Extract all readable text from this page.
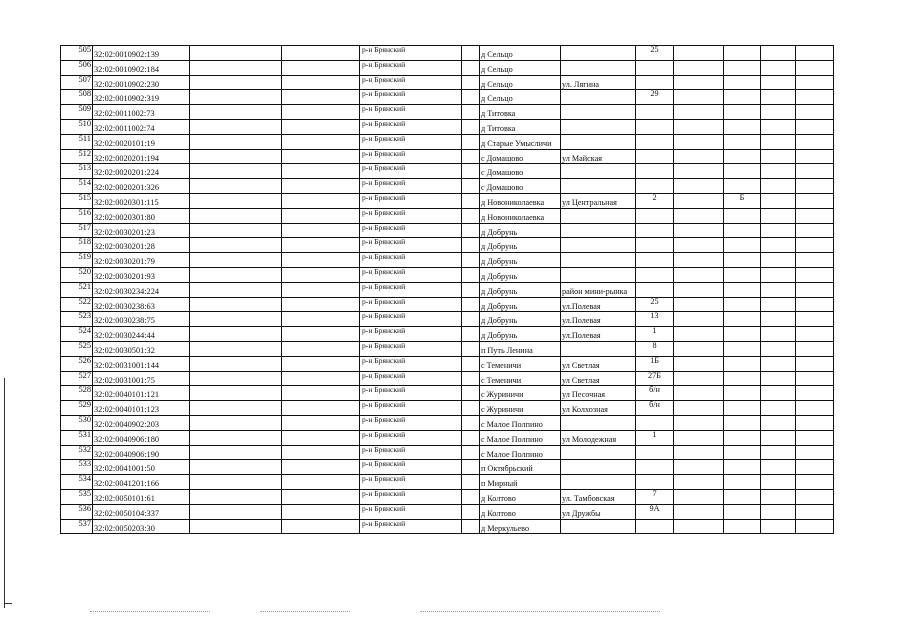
505	32:02:0010902:139			р-н Брянский		д Сельцо		25				

506	32:02:0010902:184			р-н Брянский		д Сельцо						

507	32:02:0010902:230			р-н Брянский		д Сельцо	ул. Лягина					

508	32:02:0010902:319			р-н Брянский		д Сельцо		29				

509	32:02:0011002:73			р-н Брянский		д Титовка						

510	32:02:0011002:74			р-н Брянский		д Титовка						

511	32:02:0020101:19			р-н Брянский		д Старые Умысличи						

512	32:02:0020201:194			р-н Брянский		с Домашово	ул Майская					

513	32:02:0020201:224			р-н Брянский		с Домашово						

514	32:02:0020201:326			р-н Брянский		с Домашово						

515	32:02:0020301:115			р-н Брянский		д Новониколаевка	ул Центральная	2		Б		

516	32:02:0020301:80			р-н Брянский		д Новониколаевка						

517	32:02:0030201:23			р-н Брянский		д Добрунь						

518	32:02:0030201:28			р-н Брянский		д Добрунь						

519	32:02:0030201:79			р-н Брянский		д Добрунь						

520	32:02:0030201:93			р-н Брянский		д Добрунь						

521	32:02:0030234:224			р-н Брянский		д Добрунь	район мини-рынка					

522	32:02:0030238:63			р-н Брянский		д Добрунь	ул.Полевая	25				

523	32:02:0030238:75			р-н Брянский		д Добрунь	ул.Полевая	13				

524	32:02:0030244:44			р-н Брянский		д Добрунь	ул.Полевая	1				

525	32:02:0030501:32			р-н Брянский		п Путь Ленина		8				

526	32:02:0031001:144			р-н Брянский		с Теменичи	ул Светлая	1Б				

527	32:02:0031001:75			р-н Брянский		с Теменичи	ул Светлая	27Б				

528	32:02:0040101:121			р-н Брянский		с Журиничи	ул Песочная	б/н				

529	32:02:0040101:123			р-н Брянский		с Журиничи	ул Колхозная	б/н				

530	32:02:0040902:203			р-н Брянский		с Малое Полпино						

531	32:02:0040906:180			р-н Брянский		с Малое Полпино	ул Молодежная	1				

532	32:02:0040906:190			р-н Брянский		с Малое Полпино						

533	32:02:0041001:50			р-н Брянский		п Октябрьский						

534	32:02:0041201:166			р-н Брянский		п Мирный						

535	32:02:0050101:61			р-н Брянский		д Колтово	ул. Тамбовская	7				

536	32:02:0050104:337			р-н Брянский		д Колтово	ул Дружбы	9А				

537	32:02:0050203:30			р-н Брянский		д Меркульево						
